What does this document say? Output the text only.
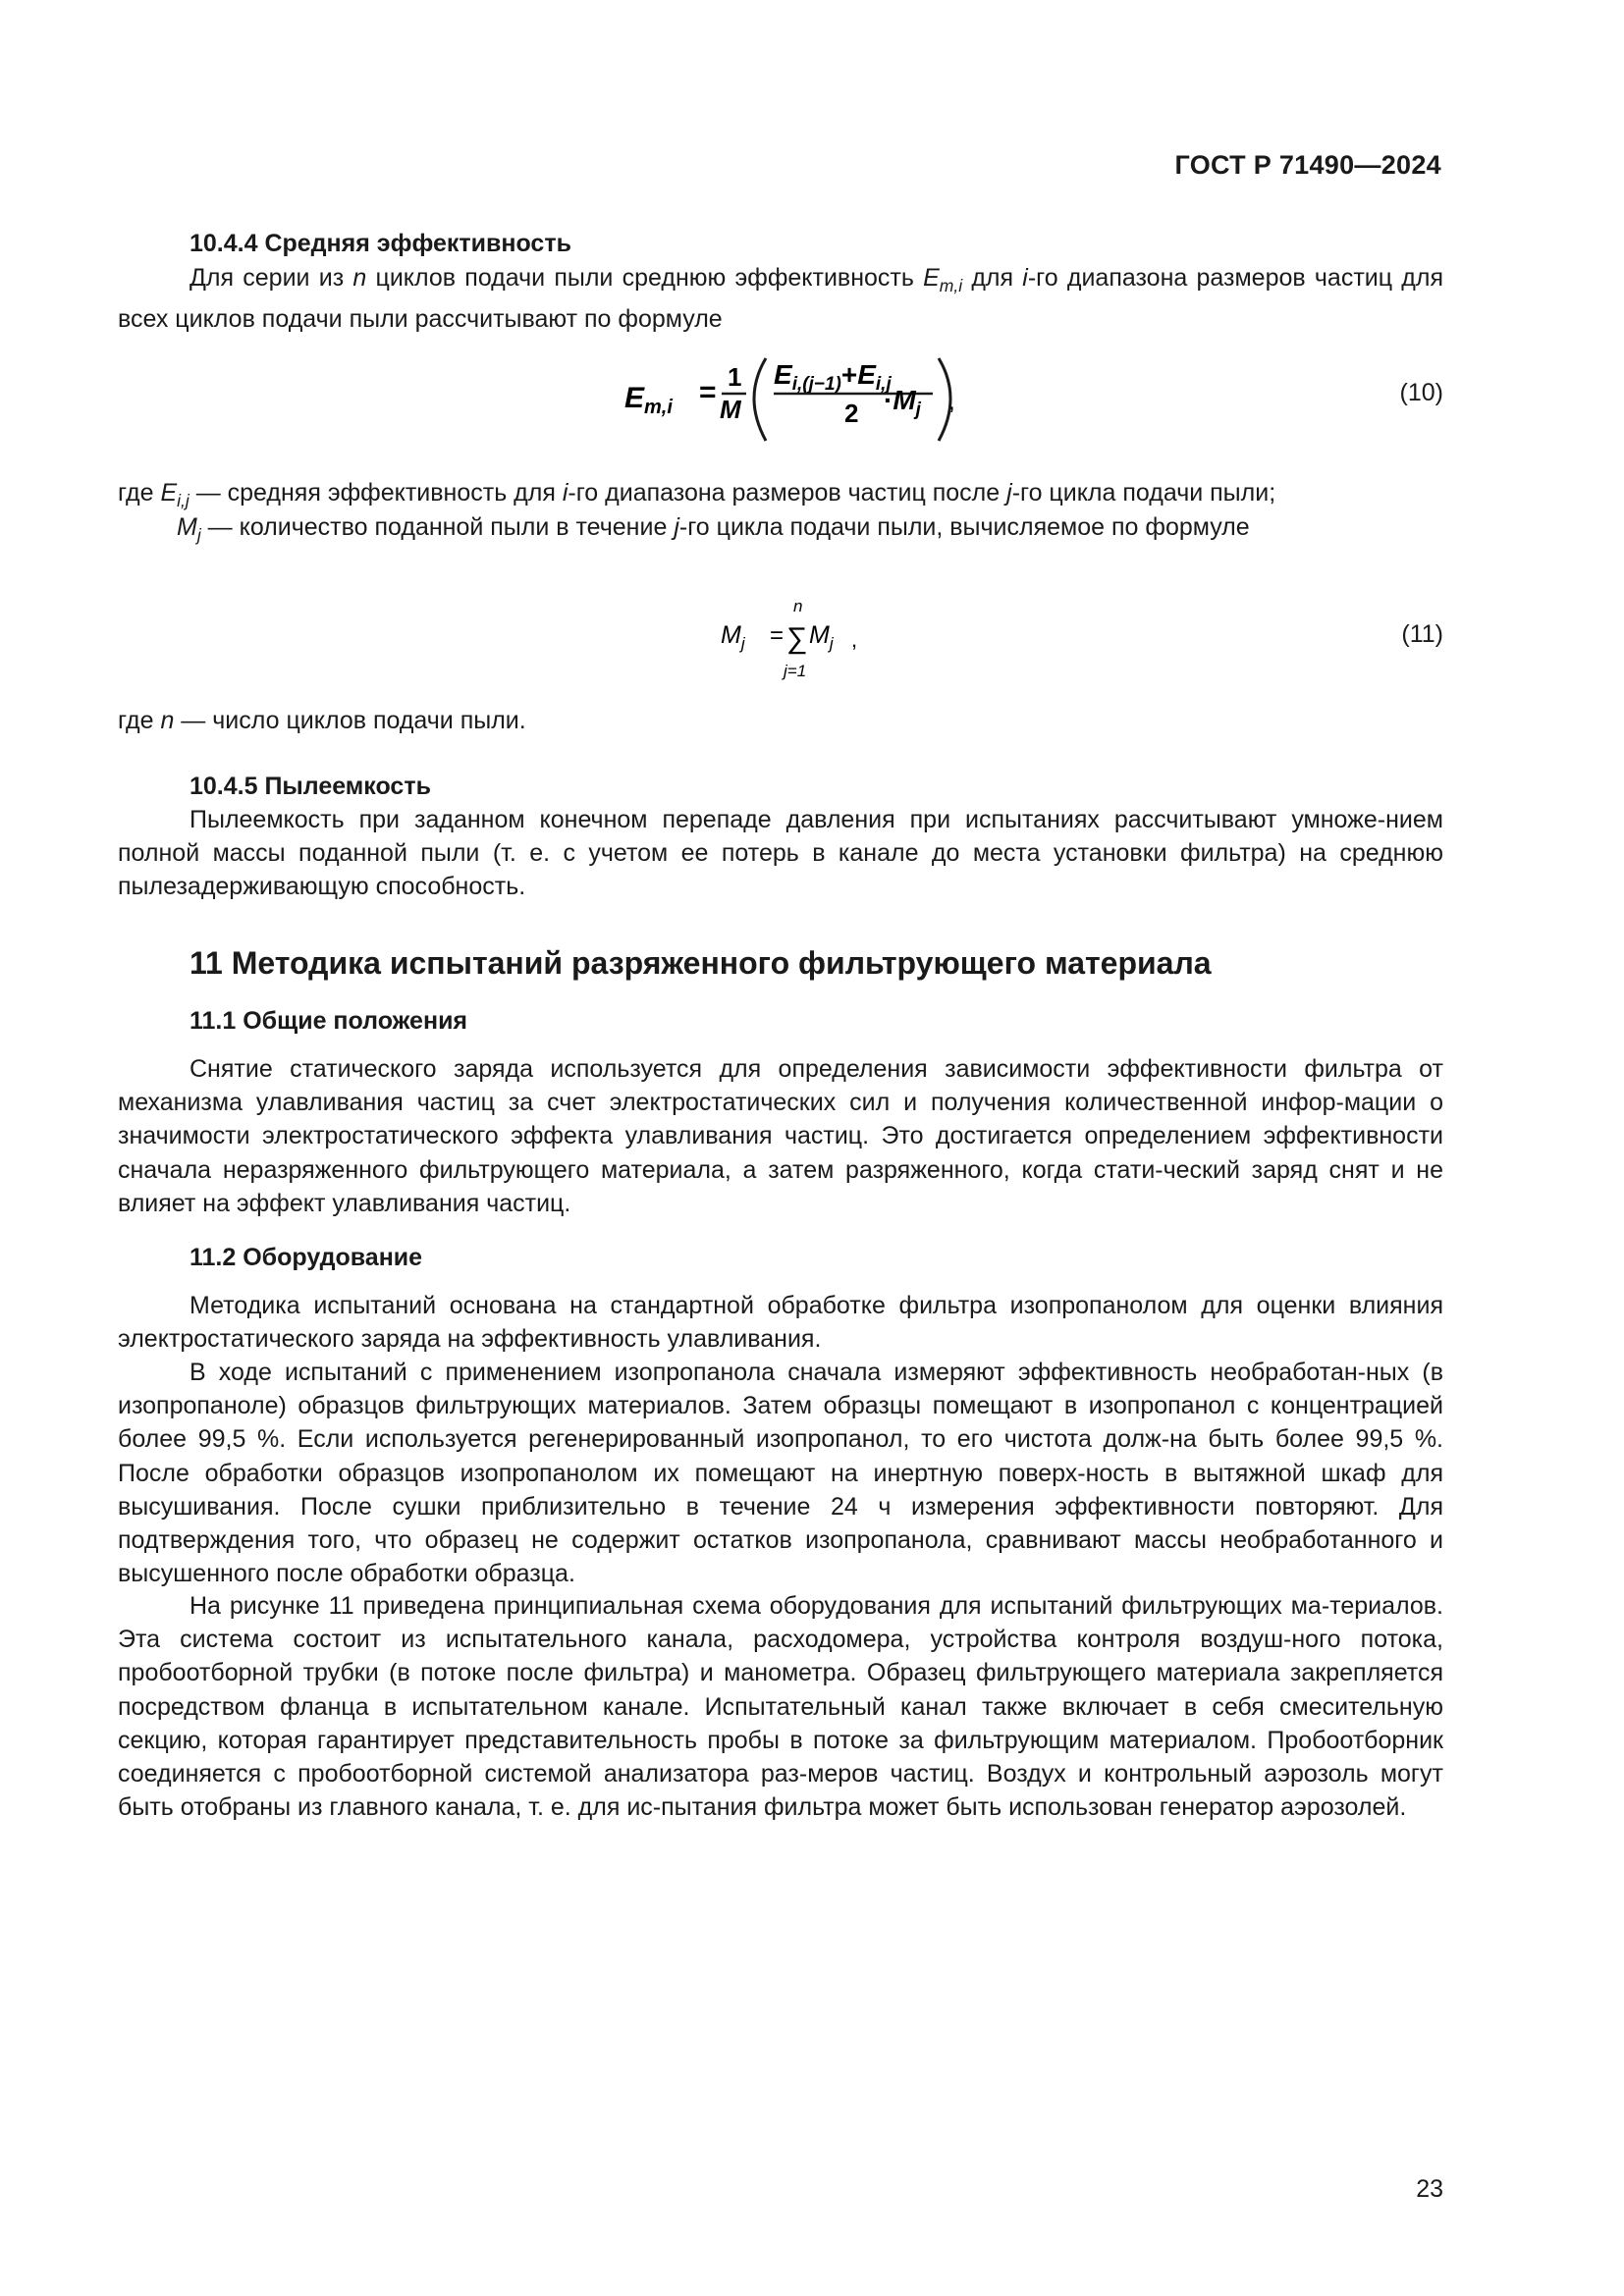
ГОСТ Р 71490—2024
10.4.4 Средняя эффективность
Для серии из n циклов подачи пыли среднюю эффективность $E_{m,i}$ для i-го диапазона размеров частиц для всех циклов подачи пыли рассчитывают по формуле
$E_{m,i} = 1$
M
$E_{i,(j-1)}+E_{i,j}$
$2 \cdot M_j$ ,	(10)
где $E_{i,j}$ — средняя эффективность для i-го диапазона размеров частиц после j-го цикла подачи пыли;
$M_j$ — количество поданной пыли в течение j-го цикла подачи пыли, вычисляемое по формуле
$M_j$ =
n
∑
j=1
$M_j$ ,	(11)
где n — число циклов подачи пыли.
10.4.5 Пылеемкость
Пылеемкость при заданном конечном перепаде давления при испытаниях рассчитывают умноже-нием полной массы поданной пыли (т. е. с учетом ее потерь в канале до места установки фильтра) на среднюю пылезадерживающую способность.
11 Методика испытаний разряженного фильтрующего материала
11.1 Общие положения
Снятие статического заряда используется для определения зависимости эффективности фильтра от механизма улавливания частиц за счет электростатических сил и получения количественной инфор-мации о значимости электростатического эффекта улавливания частиц. Это достигается определением эффективности сначала неразряженного фильтрующего материала, а затем разряженного, когда стати-ческий заряд снят и не влияет на эффект улавливания частиц.
11.2 Оборудование
Методика испытаний основана на стандартной обработке фильтра изопропанолом для оценки влияния электростатического заряда на эффективность улавливания.
В ходе испытаний с применением изопропанола сначала измеряют эффективность необработан-ных (в изопропаноле) образцов фильтрующих материалов. Затем образцы помещают в изопропанол с концентрацией более 99,5 %. Если используется регенерированный изопропанол, то его чистота долж-на быть более 99,5 %. После обработки образцов изопропанолом их помещают на инертную поверх-ность в вытяжной шкаф для высушивания. После сушки приблизительно в течение 24 ч измерения эффективности повторяют. Для подтверждения того, что образец не содержит остатков изопропанола, сравнивают массы необработанного и высушенного после обработки образца.
На рисунке 11 приведена принципиальная схема оборудования для испытаний фильтрующих ма-териалов. Эта система состоит из испытательного канала, расходомера, устройства контроля воздуш-ного потока, пробоотборной трубки (в потоке после фильтра) и манометра. Образец фильтрующего материала закрепляется посредством фланца в испытательном канале. Испытательный канал также включает в себя смесительную секцию, которая гарантирует представительность пробы в потоке за фильтрующим материалом. Пробоотборник соединяется с пробоотборной системой анализатора раз-меров частиц. Воздух и контрольный аэрозоль могут быть отобраны из главного канала, т. е. для ис-пытания фильтра может быть использован генератор аэрозолей.
23
